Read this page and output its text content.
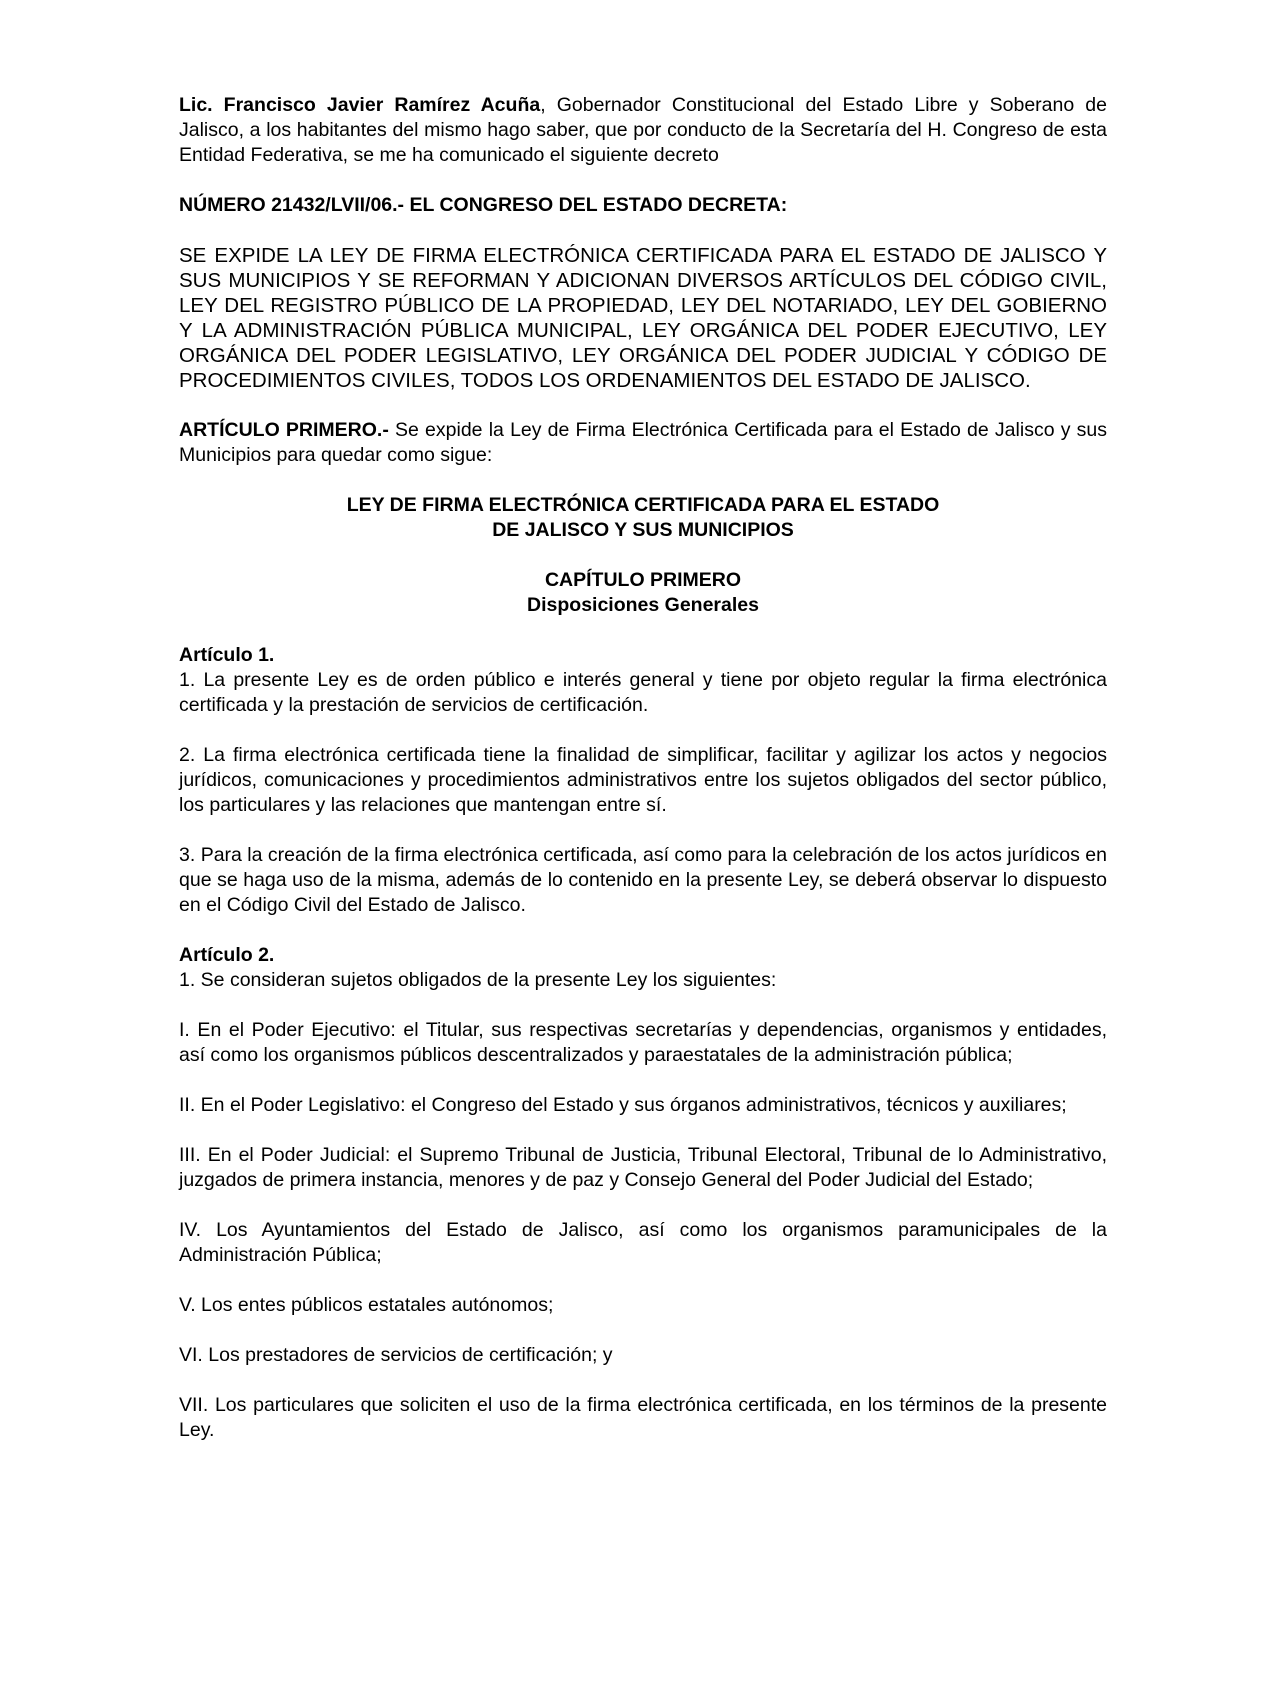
Lic. Francisco Javier Ramírez Acuña, Gobernador Constitucional del Estado Libre y Soberano de Jalisco, a los habitantes del mismo hago saber, que por conducto de la Secretaría del H. Congreso de esta Entidad Federativa, se me ha comunicado el siguiente decreto

NÚMERO 21432/LVII/06.- EL CONGRESO DEL ESTADO DECRETA:

SE EXPIDE LA LEY DE FIRMA ELECTRÓNICA CERTIFICADA PARA EL ESTADO DE JALISCO Y SUS MUNICIPIOS Y SE REFORMAN Y ADICIONAN DIVERSOS ARTÍCULOS DEL CÓDIGO CIVIL, LEY DEL REGISTRO PÚBLICO DE LA PROPIEDAD, LEY DEL NOTARIADO, LEY DEL GOBIERNO Y LA ADMINISTRACIÓN PÚBLICA MUNICIPAL, LEY ORGÁNICA DEL PODER EJECUTIVO, LEY ORGÁNICA DEL PODER LEGISLATIVO, LEY ORGÁNICA DEL PODER JUDICIAL Y CÓDIGO DE PROCEDIMIENTOS CIVILES, TODOS LOS ORDENAMIENTOS DEL ESTADO DE JALISCO.

ARTÍCULO PRIMERO.- Se expide la Ley de Firma Electrónica Certificada para el Estado de Jalisco y sus Municipios para quedar como sigue:

LEY DE FIRMA ELECTRÓNICA CERTIFICADA PARA EL ESTADO

DE JALISCO Y SUS MUNICIPIOS

CAPÍTULO PRIMERO

Disposiciones Generales

Artículo 1.

1. La presente Ley es de orden público e interés general y tiene por objeto regular la firma electrónica certificada y la prestación de servicios de certificación.

2. La firma electrónica certificada tiene la finalidad de simplificar, facilitar y agilizar los actos y negocios jurídicos, comunicaciones y procedimientos administrativos entre los sujetos obligados del sector público, los particulares y las relaciones que mantengan entre sí.

3. Para la creación de la firma electrónica certificada, así como para la celebración de los actos jurídicos en que se haga uso de la misma, además de lo contenido en la presente Ley, se deberá observar lo dispuesto en el Código Civil del Estado de Jalisco.

Artículo 2.

1. Se consideran sujetos obligados de la presente Ley los siguientes:

I. En el Poder Ejecutivo: el Titular, sus respectivas secretarías y dependencias, organismos y entidades, así como los organismos públicos descentralizados y paraestatales de la administración pública;

II. En el Poder Legislativo: el Congreso del Estado y sus órganos administrativos, técnicos y auxiliares;

III. En el Poder Judicial: el Supremo Tribunal de Justicia, Tribunal Electoral, Tribunal de lo Administrativo, juzgados de primera instancia, menores y de paz y Consejo General del Poder Judicial del Estado;

IV. Los Ayuntamientos del Estado de Jalisco, así como los organismos paramunicipales de la Administración Pública;

V. Los entes públicos estatales autónomos;

VI. Los prestadores de servicios de certificación; y

VII. Los particulares que soliciten el uso de la firma electrónica certificada, en los términos de la presente Ley.
